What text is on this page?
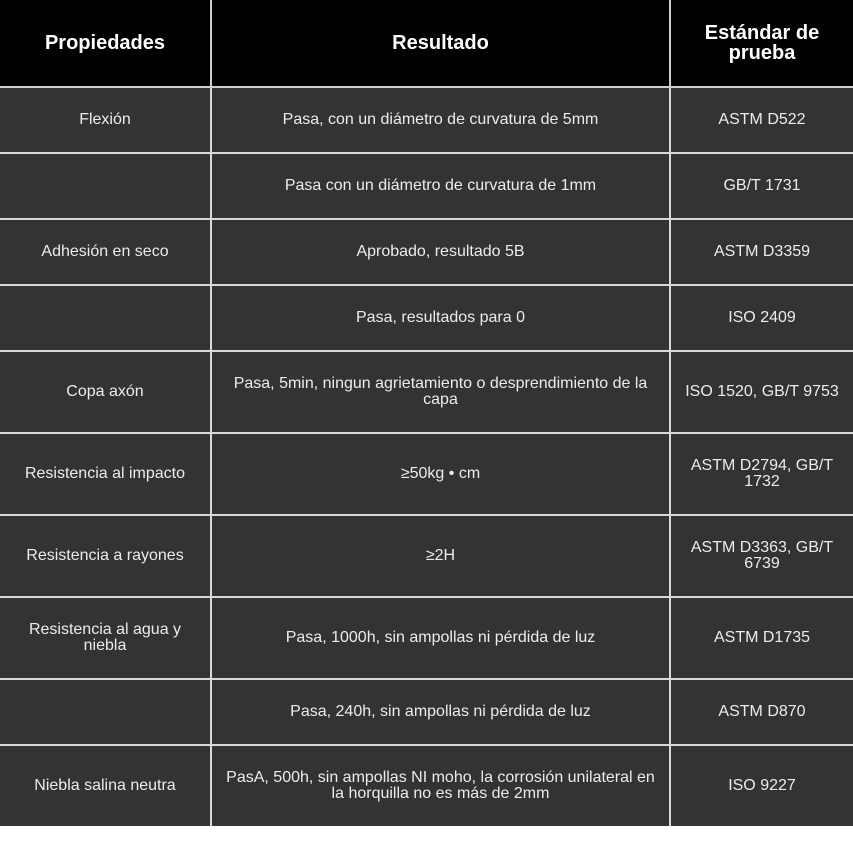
Propiedades	Resultado	Estándar de prueba
Flexión	Pasa, con un diámetro de curvatura de 5mm	ASTM D522
	Pasa con un diámetro de curvatura de 1mm	GB/T 1731
Adhesión en seco	Aprobado, resultado 5B	ASTM D3359
	Pasa, resultados para 0	ISO 2409
Copa axón	Pasa, 5min, ningun agrietamiento o desprendimiento de la capa	ISO 1520, GB/T 9753
Resistencia al impacto	≥50kg • cm	ASTM D2794, GB/T 1732
Resistencia a rayones	≥2H	ASTM D3363, GB/T 6739
Resistencia al agua y niebla	Pasa, 1000h, sin ampollas ni pérdida de luz	ASTM D1735
	Pasa, 240h, sin ampollas ni pérdida de luz	ASTM D870
Niebla salina neutra	PasA, 500h, sin ampollas NI moho, la corrosión unilateral en la horquilla no es más de 2mm	ISO 9227
